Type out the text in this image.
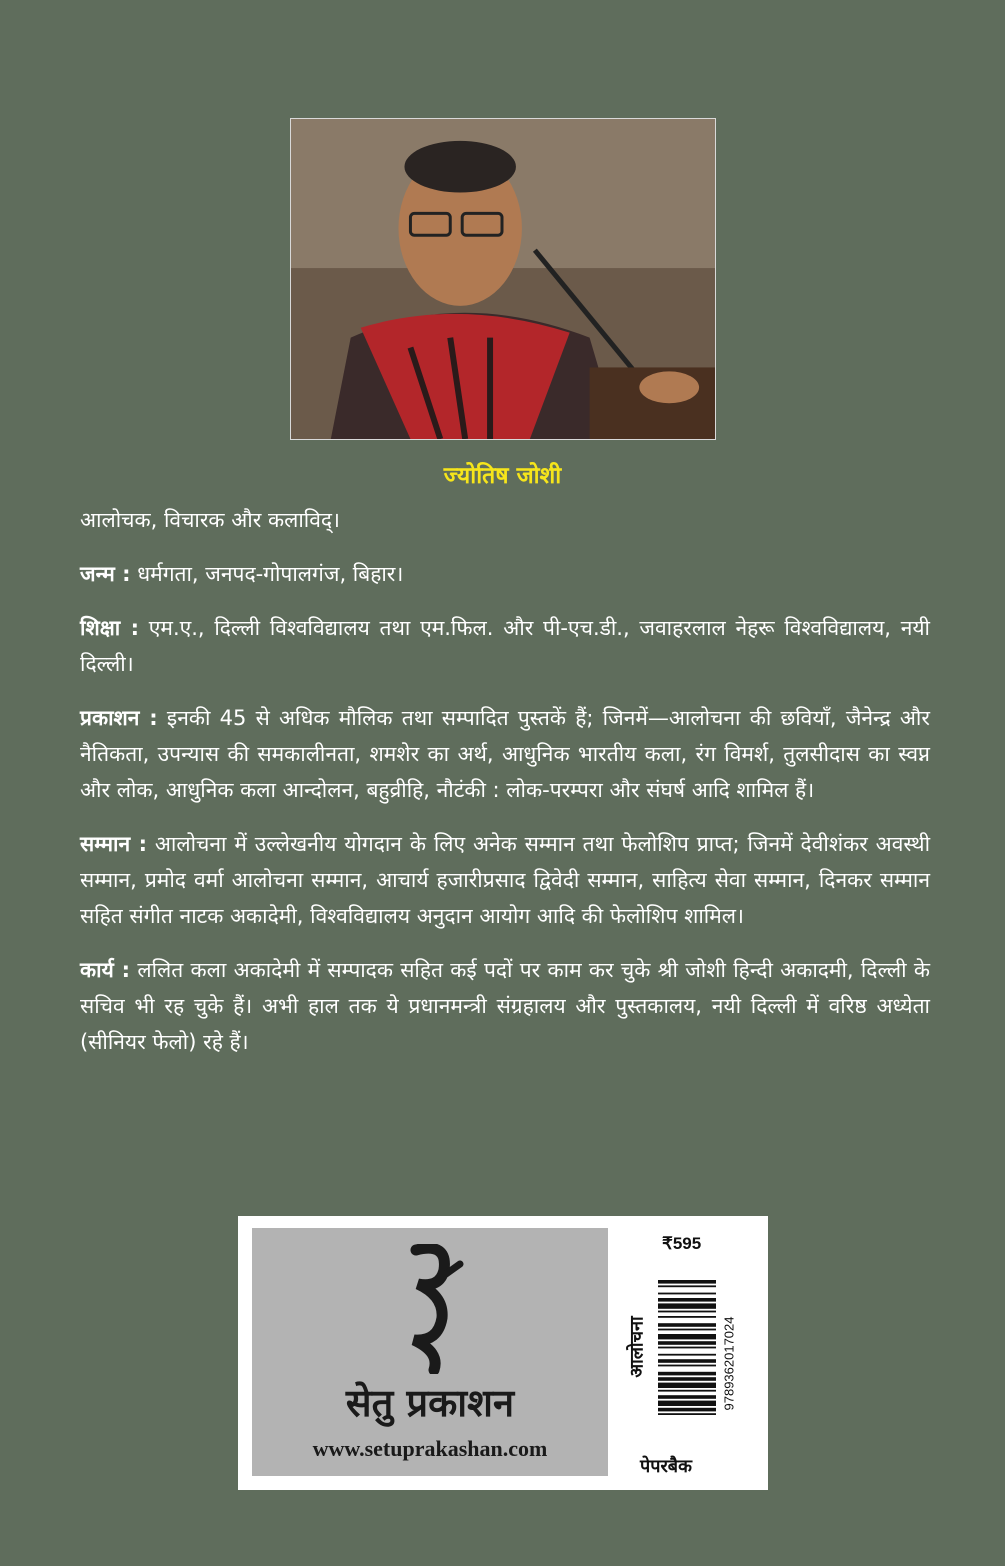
ज्योतिष जोशी

आलोचक, विचारक और कलाविद्।

जन्म : धर्मगता, जनपद-गोपालगंज, बिहार।

शिक्षा : एम.ए., दिल्ली विश्वविद्यालय तथा एम.फिल. और पी-एच.डी., जवाहरलाल नेहरू विश्वविद्यालय, नयी दिल्ली।

प्रकाशन : इनकी 45 से अधिक मौलिक तथा सम्पादित पुस्तकें हैं; जिनमें—आलोचना की छवियाँ, जैनेन्द्र और नैतिकता, उपन्यास की समकालीनता, शमशेर का अर्थ, आधुनिक भारतीय कला, रंग विमर्श, तुलसीदास का स्वप्न और लोक, आधुनिक कला आन्दोलन, बहुव्रीहि, नौटंकी : लोक-परम्परा और संघर्ष आदि शामिल हैं।

सम्मान : आलोचना में उल्लेखनीय योगदान के लिए अनेक सम्मान तथा फेलोशिप प्राप्त; जिनमें देवीशंकर अवस्थी सम्मान, प्रमोद वर्मा आलोचना सम्मान, आचार्य हजारीप्रसाद द्विवेदी सम्मान, साहित्य सेवा सम्मान, दिनकर सम्मान सहित संगीत नाटक अकादेमी, विश्वविद्यालय अनुदान आयोग आदि की फेलोशिप शामिल।

कार्य : ललित कला अकादेमी में सम्पादक सहित कई पदों पर काम कर चुके श्री जोशी हिन्दी अकादमी, दिल्ली के सचिव भी रह चुके हैं। अभी हाल तक ये प्रधानमन्त्री संग्रहालय और पुस्तकालय, नयी दिल्ली में वरिष्ठ अध्येता (सीनियर फेलो) रहे हैं।

सेतु प्रकाशन
www.setuprakashan.com
₹595
आलोचना	9789362017024
पेपरबैक
